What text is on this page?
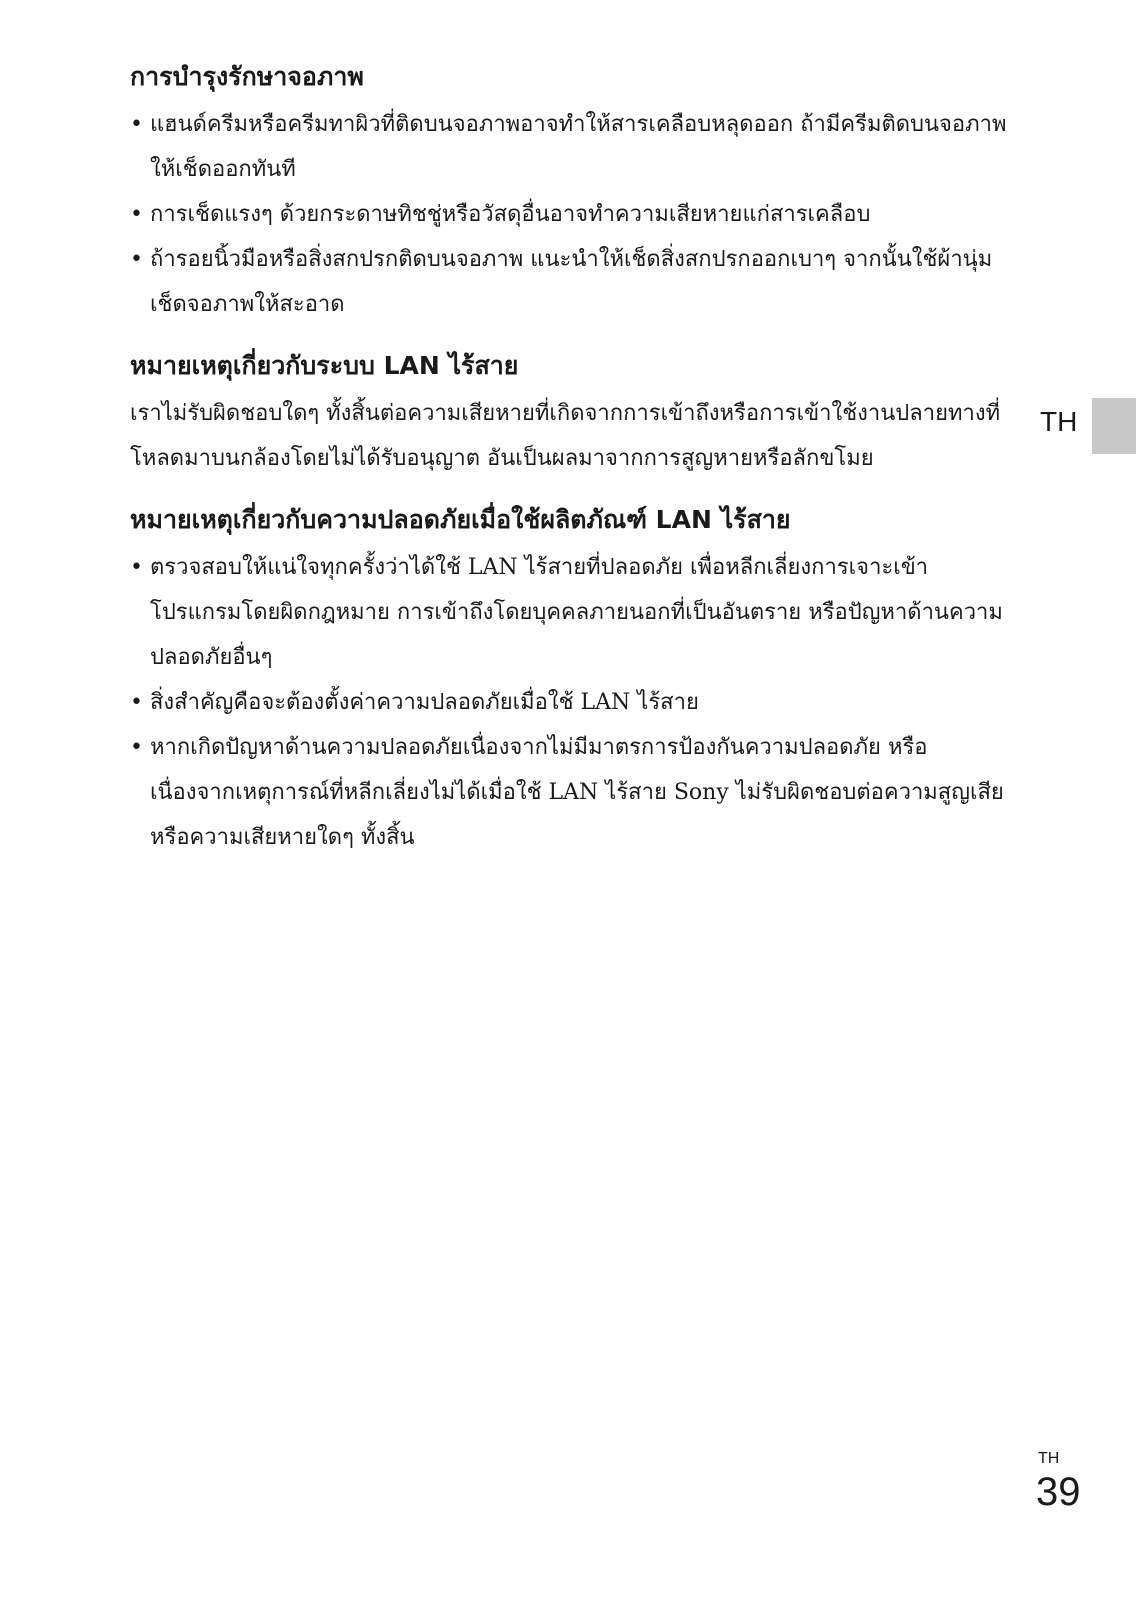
การบำรุงรักษาจอภาพ
• แฮนด์ครีมหรือครีมทาผิวที่ติดบนจอภาพอาจทำให้สารเคลือบหลุดออก ถ้ามีครีมติดบนจอภาพ ให้เช็ดออกทันที
• การเช็ดแรงๆ ด้วยกระดาษทิชชู่หรือวัสดุอื่นอาจทำความเสียหายแก่สารเคลือบ
• ถ้ารอยนิ้วมือหรือสิ่งสกปรกติดบนจอภาพ แนะนำให้เช็ดสิ่งสกปรกออกเบาๆ จากนั้นใช้ผ้านุ่มเช็ดจอภาพให้สะอาด
หมายเหตุเกี่ยวกับระบบ LAN ไร้สาย

เราไม่รับผิดชอบใดๆ ทั้งสิ้นต่อความเสียหายที่เกิดจากการเข้าถึงหรือการเข้าใช้งานปลายทางที่โหลดมาบนกล้องโดยไม่ได้รับอนุญาต อันเป็นผลมาจากการสูญหายหรือลักขโมย

หมายเหตุเกี่ยวกับความปลอดภัยเมื่อใช้ผลิตภัณฑ์ LAN ไร้สาย
• ตรวจสอบให้แน่ใจทุกครั้งว่าได้ใช้ LAN ไร้สายที่ปลอดภัย เพื่อหลีกเลี่ยงการเจาะเข้าโปรแกรมโดยผิดกฎหมาย การเข้าถึงโดยบุคคลภายนอกที่เป็นอันตราย หรือปัญหาด้านความปลอดภัยอื่นๆ
• สิ่งสำคัญคือจะต้องตั้งค่าความปลอดภัยเมื่อใช้ LAN ไร้สาย
• หากเกิดปัญหาด้านความปลอดภัยเนื่องจากไม่มีมาตรการป้องกันความปลอดภัย หรือเนื่องจากเหตุการณ์ที่หลีกเลี่ยงไม่ได้เมื่อใช้ LAN ไร้สาย Sony ไม่รับผิดชอบต่อความสูญเสียหรือความเสียหายใดๆ ทั้งสิ้น
TH
TH
39
